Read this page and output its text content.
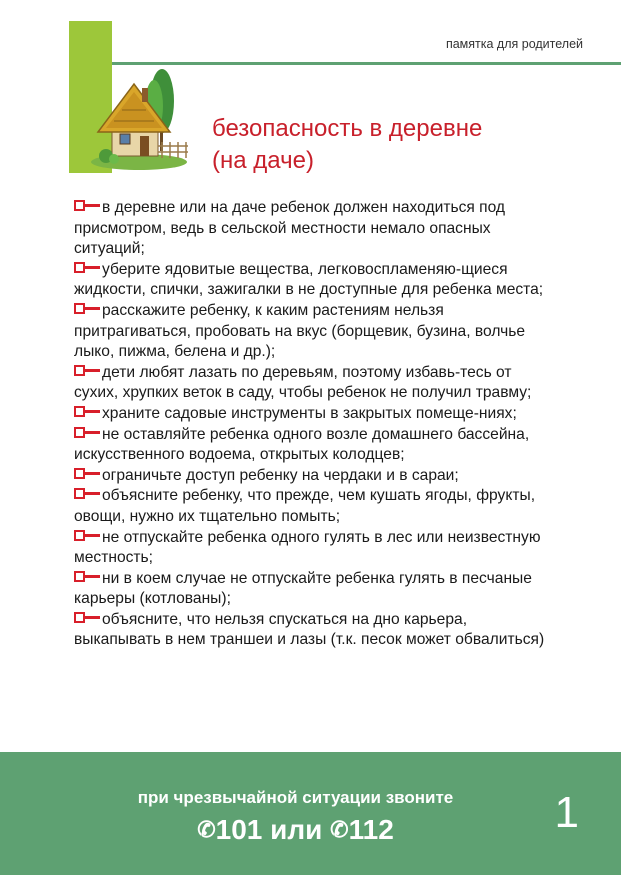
памятка для родителей
безопасность в деревне
(на даче)

в деревне или на даче ребенок должен находиться под присмотром, ведь в сельской местности немало опасных ситуаций;

уберите ядовитые вещества, легковоспламеняю-щиеся жидкости, спички, зажигалки в не доступные для ребенка места;

расскажите ребенку, к каким растениям нельзя притрагиваться, пробовать на вкус (борщевик, бузина, волчье лыко, пижма, белена и др.);

дети любят лазать по деревьям, поэтому избавь-тесь от сухих, хрупких веток в саду, чтобы ребенок не получил травму;

храните садовые инструменты в закрытых помеще-ниях;

не оставляйте ребенка одного возле домашнего бассейна, искусственного водоема, открытых колодцев;

ограничьте доступ ребенку на чердаки и в сараи;

объясните ребенку, что прежде, чем кушать ягоды, фрукты, овощи, нужно их тщательно помыть;

не отпускайте ребенка одного гулять в лес или неизвестную местность;

ни в коем случае не отпускайте ребенка гулять в песчаные карьеры (котлованы);

объясните, что нельзя спускаться на дно карьера, выкапывать в нем траншеи и лазы (т.к. песок может обвалиться)

при чрезвычайной ситуации звоните
✆101 или ✆112	1
